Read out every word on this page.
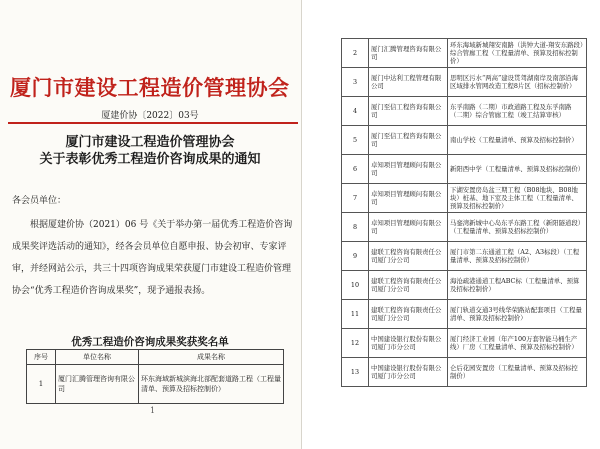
厦门市建设工程造价管理协会
厦建价协〔2022〕03号
厦门市建设工程造价管理协会
关于表彰优秀工程造价咨询成果的通知
各会员单位：
根据厦建价协（2021）06 号《关于举办第一届优秀工程造价咨询成果奖评选活动的通知》，经各会员单位自愿申报、协会初审、专家评审，并经网站公示，共三十四项咨询成果荣获厦门市建设工程造价管理协会“优秀工程造价咨询成果奖”，现予通报表扬。
优秀工程造价咨询成果奖获奖名单
序号	单位名称	成果名称
1	厦门汇腾管理咨询有限公司	环东海域新城滨海北部配套道路工程（工程量清单、预算及招标控制价）
1
2	厦门汇腾管理咨询有限公司	环东海域新城翔安南路（洪钟大道-翔安东路段）综合管廊工程（工程量清单、预算及招标控制价）
3	厦门中达利工程管理有限公司	思明区污水“两高”建设贯驾湖南岸及南部沿海区域排水管网改造工程8片区（招标控制价）
4	厦门至信工程咨询有限公司	东孚南路（二期）市政道路工程及东孚南路（二期）综合管廊工程（竣工结算审核）
5	厦门至信工程咨询有限公司	南山学校（工程量清单、预算及招标控制价）
6	卓知项目管理顾问有限公司	新阳西中学（工程量清单、预算及招标控制价）
7	卓知项目管理顾问有限公司	下湖安置房岛盆三期工程（B08地块、B08地块）桩基、地下室及主体工程（工程量清单、预算及招标控制价）
8	卓知项目管理顾问有限公司	马銮湾新城中心岛东孚东路工程（新阳隧道段）（工程量清单、预算及招标控制价）
9	建联工程咨询有限责任公司厦门分公司	厦门市第二东通道工程（A2、A3标段）（工程量清单、预算及招标控制价）
10	建联工程咨询有限责任公司厦门分公司	海沧疏港通道工程ABC标（工程量清单、预算及招标控制价）
11	建联工程咨询有限责任公司厦门分公司	厦门轨道交通3号线华荣路站配套项目（工程量清单、预算及招标控制价）
12	中国建设银行股份有限公司厦门市分公司	厦门经济工业园（年产100万套智能马桶生产线）厂房（工程量清单、预算及招标控制价）
13	中国建设银行股份有限公司厦门市分公司	仑后花园安置房（工程量清单、预算及招标控制价）
